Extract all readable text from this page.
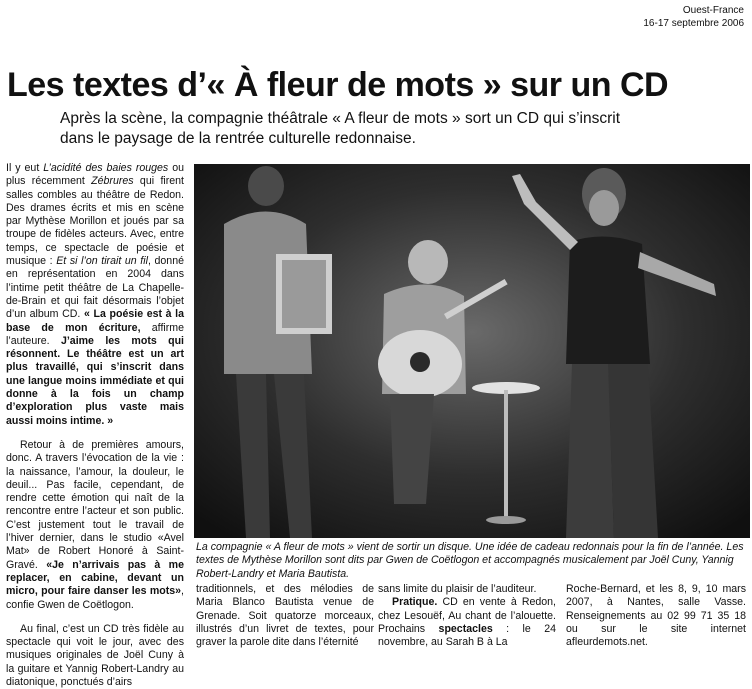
Ouest-France
16-17 septembre 2006
Les textes d’« À fleur de mots » sur un CD
Après la scène, la compagnie théâtrale « A fleur de mots » sort un CD qui s’inscrit dans le paysage de la rentrée culturelle redonnaise.

Il y eut L’acidité des baies rouges ou plus récemment Zébrures qui firent salles combles au théâtre de Redon. Des drames écrits et mis en scène par Mythèse Morillon et joués par sa troupe de fidèles acteurs. Avec, entre temps, ce spectacle de poésie et musique : Et si l’on tirait un fil, donné en représentation en 2004 dans l’intime petit théâtre de La Chapelle-de-Brain et qui fait désormais l’objet d’un album CD. « La poésie est à la base de mon écriture, affirme l’auteure. J’aime les mots qui résonnent. Le théâtre est un art plus travaillé, qui s’inscrit dans une langue moins immédiate et qui donne à la fois un champ d’exploration plus vaste mais aussi moins intime. »

Retour à de premières amours, donc. A travers l’évocation de la vie : la naissance, l’amour, la douleur, le deuil... Pas facile, cependant, de rendre cette émotion qui naît de la rencontre entre l’acteur et son public. C’est justement tout le travail de l’hiver dernier, dans le studio «Avel Mat» de Robert Honoré à Saint-Gravé. «Je n’arrivais pas à me replacer, en cabine, devant un micro, pour faire danser les mots», confie Gwen de Coëtlogon.

Au final, c’est un CD très fidèle au spectacle qui voit le jour, avec des musiques originales de Joël Cuny à la guitare et Yannig Robert-Landry au diatonique, ponctués d’airs

La compagnie « A fleur de mots » vient de sortir un disque. Une idée de cadeau redonnais pour la fin de l’année. Les textes de Mythèse Morillon sont dits par Gwen de Coëtlogon et accompagnés musicalement par Joël Cuny, Yannig Robert-Landry et Maria Bautista.
traditionnels, et des mélodies de Maria Blanco Bautista venue de Grenade. Soit quatorze morceaux, illustrés d’un livret de textes, pour graver la parole dite dans l’éternité

sans limite du plaisir de l’auditeur.

Pratique. CD en vente à Redon, chez Lesouëf, Au chant de l’alouette. Prochains spectacles : le 24 novembre, au Sarah B à La

Roche-Bernard, et les 8, 9, 10 mars 2007, à Nantes, salle Vasse. Renseignements au 02 99 71 35 18 ou sur le site internet afleurdemots.net.
